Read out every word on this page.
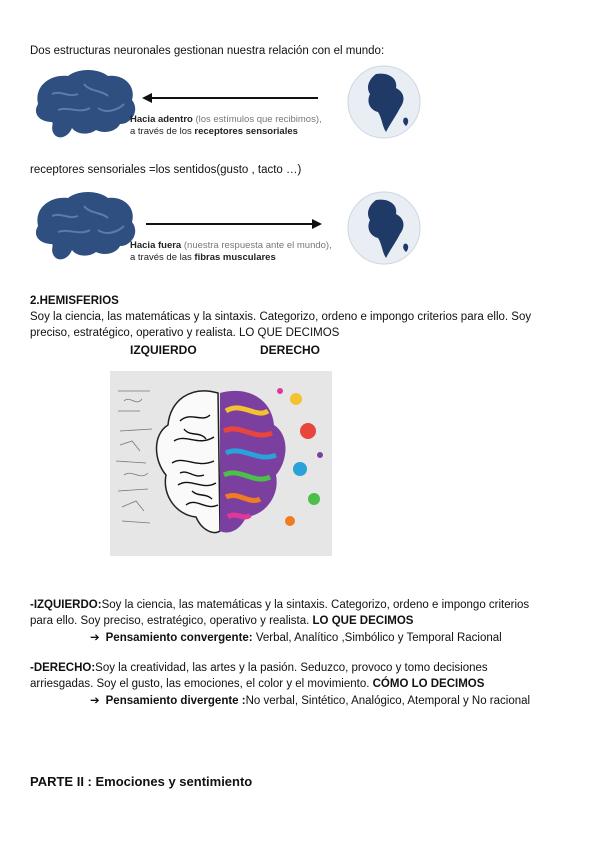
Dos estructuras neuronales gestionan nuestra relación con el mundo:
Hacia adentro (los estímulos que recibimos),
a través de los receptores sensoriales
receptores sensoriales =los sentidos(gusto , tacto …)
Hacia fuera (nuestra respuesta ante el mundo),
a través de las fibras musculares
2.HEMISFERIOS
Soy la ciencia, las matemáticas y la sintaxis. Categorizo, ordeno e impongo criterios para ello. Soy
preciso, estratégico, operativo y realista. LO QUE DECIMOS
IZQUIERDO	DERECHO
-IZQUIERDO:Soy la ciencia, las matemáticas y la sintaxis. Categorizo, ordeno e impongo criterios
para ello. Soy preciso, estratégico, operativo y realista. LO QUE DECIMOS
➔ Pensamiento convergente: Verbal, Analítico ,Simbólico y Temporal Racional
-DERECHO:Soy la creatividad, las artes y la pasión. Seduzco, provoco y tomo decisiones
arriesgadas. Soy el gusto, las emociones, el color y el movimiento. CÓMO LO DECIMOS
➔ Pensamiento divergente :No verbal, Sintético, Analógico, Atemporal y No racional
PARTE II : Emociones y sentimiento
